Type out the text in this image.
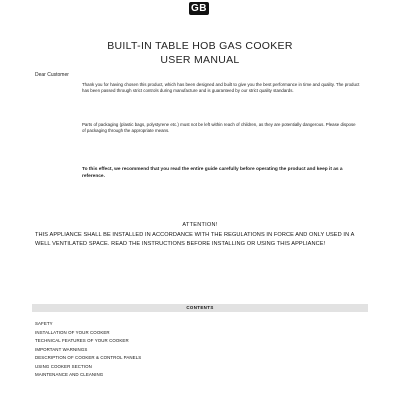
GB
BUILT-IN TABLE HOB GAS COOKER
USER MANUAL
Dear Customer

Thank you for having chosen this product, which has been designed and built to give you the best performance in time and quality. The product has been passed through strict controls during manufacture and is guaranteed by our strict quality standards.

Parts of packaging (plastic bags, polystyrene etc.) must not be left within reach of children, as they are potentially dangerous. Please dispose of packaging through the appropriate means.

To this effect, we recommend that you read the entire guide carefully before operating the product and keep it as a reference.

ATTENTION!

THIS APPLIANCE SHALL BE INSTALLED IN ACCORDANCE WITH THE REGULATIONS IN FORCE AND ONLY USED IN A WELL VENTILATED SPACE. READ THE INSTRUCTIONS BEFORE INSTALLING OR USING THIS APPLIANCE!

CONTENTS
SAFETY
INSTALLATION OF YOUR COOKER
TECHNICAL FEATURES OF YOUR COOKER
IMPORTANT WARNINGS
DESCRIPTION OF COOKER & CONTROL PANELS
USING COOKER SECTION
MAINTENANCE AND CLEANING
